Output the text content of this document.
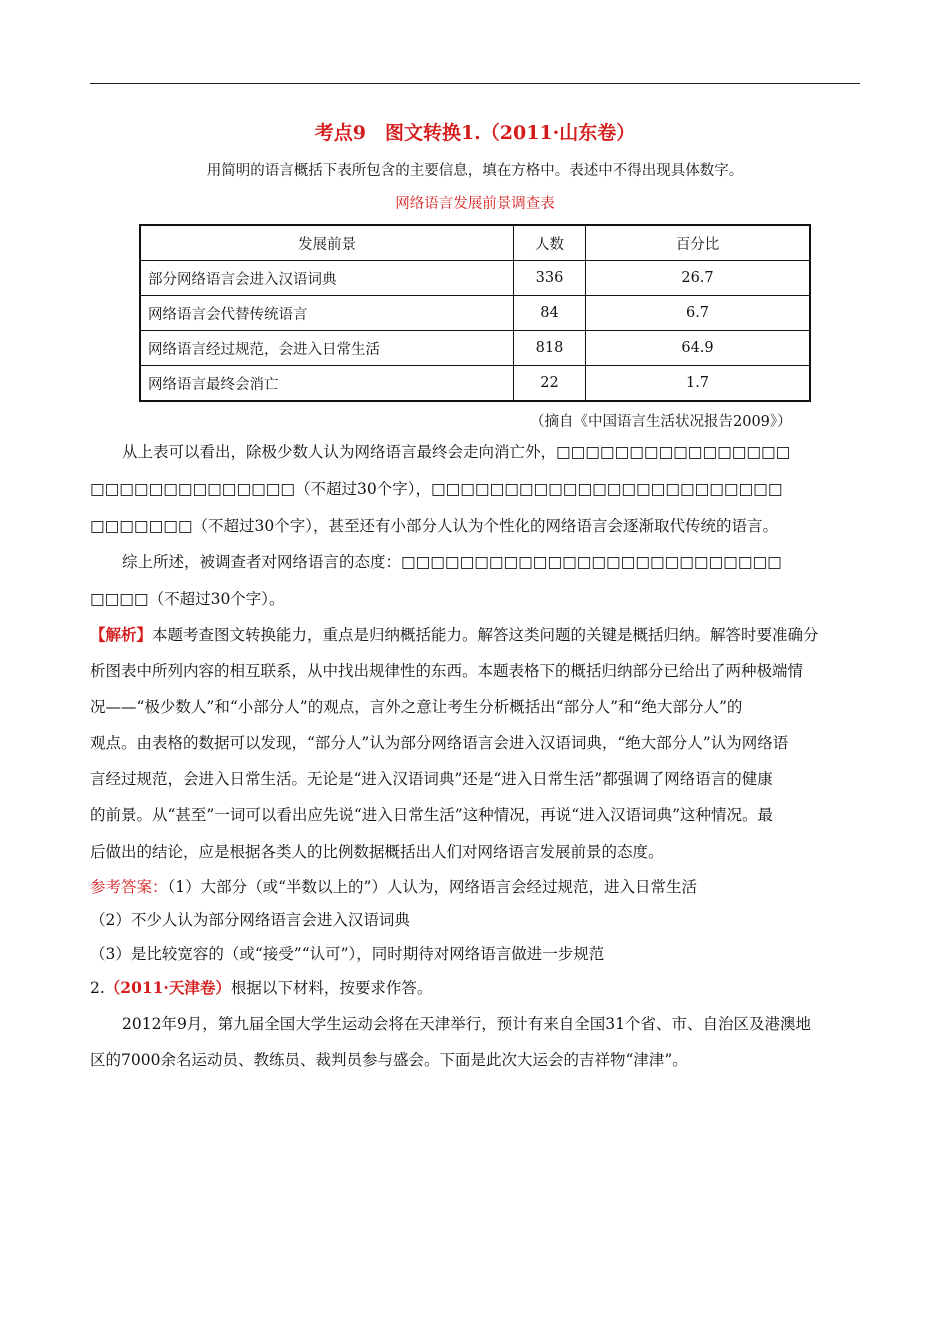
考点9　图文转换1.（2011·山东卷）
用简明的语言概括下表所包含的主要信息，填在方格中。表述中不得出现具体数字。
网络语言发展前景调查表
发展前景	人数	百分比
部分网络语言会进入汉语词典	336	26.7
网络语言会代替传统语言	84	6.7
网络语言经过规范，会进入日常生活	818	64.9
网络语言最终会消亡	22	1.7
（摘自《中国语言生活状况报告2009》）
从上表可以看出，除极少数人认为网络语言最终会走向消亡外，□□□□□□□□□□□□□□□□
□□□□□□□□□□□□□□（不超过30个字），□□□□□□□□□□□□□□□□□□□□□□□□
□□□□□□□（不超过30个字），甚至还有小部分人认为个性化的网络语言会逐渐取代传统的语言。
综上所述，被调查者对网络语言的态度：□□□□□□□□□□□□□□□□□□□□□□□□□□
□□□□（不超过30个字）。
【解析】本题考查图文转换能力，重点是归纳概括能力。解答这类问题的关键是概括归纳。解答时要准确分
析图表中所列内容的相互联系，从中找出规律性的东西。本题表格下的概括归纳部分已给出了两种极端情
况——“极少数人”和“小部分人”的观点，言外之意让考生分析概括出“部分人”和“绝大部分人”的
观点。由表格的数据可以发现，“部分人”认为部分网络语言会进入汉语词典，“绝大部分人”认为网络语
言经过规范，会进入日常生活。无论是“进入汉语词典”还是“进入日常生活”都强调了网络语言的健康
的前景。从“甚至”一词可以看出应先说“进入日常生活”这种情况，再说“进入汉语词典”这种情况。最
后做出的结论，应是根据各类人的比例数据概括出人们对网络语言发展前景的态度。
参考答案：（1）大部分（或“半数以上的”）人认为，网络语言会经过规范，进入日常生活
（2）不少人认为部分网络语言会进入汉语词典
（3）是比较宽容的（或“接受”“认可”），同时期待对网络语言做进一步规范
2.（2011·天津卷）根据以下材料，按要求作答。
2012年9月，第九届全国大学生运动会将在天津举行，预计有来自全国31个省、市、自治区及港澳地
区的7000余名运动员、教练员、裁判员参与盛会。下面是此次大运会的吉祥物“津津”。
